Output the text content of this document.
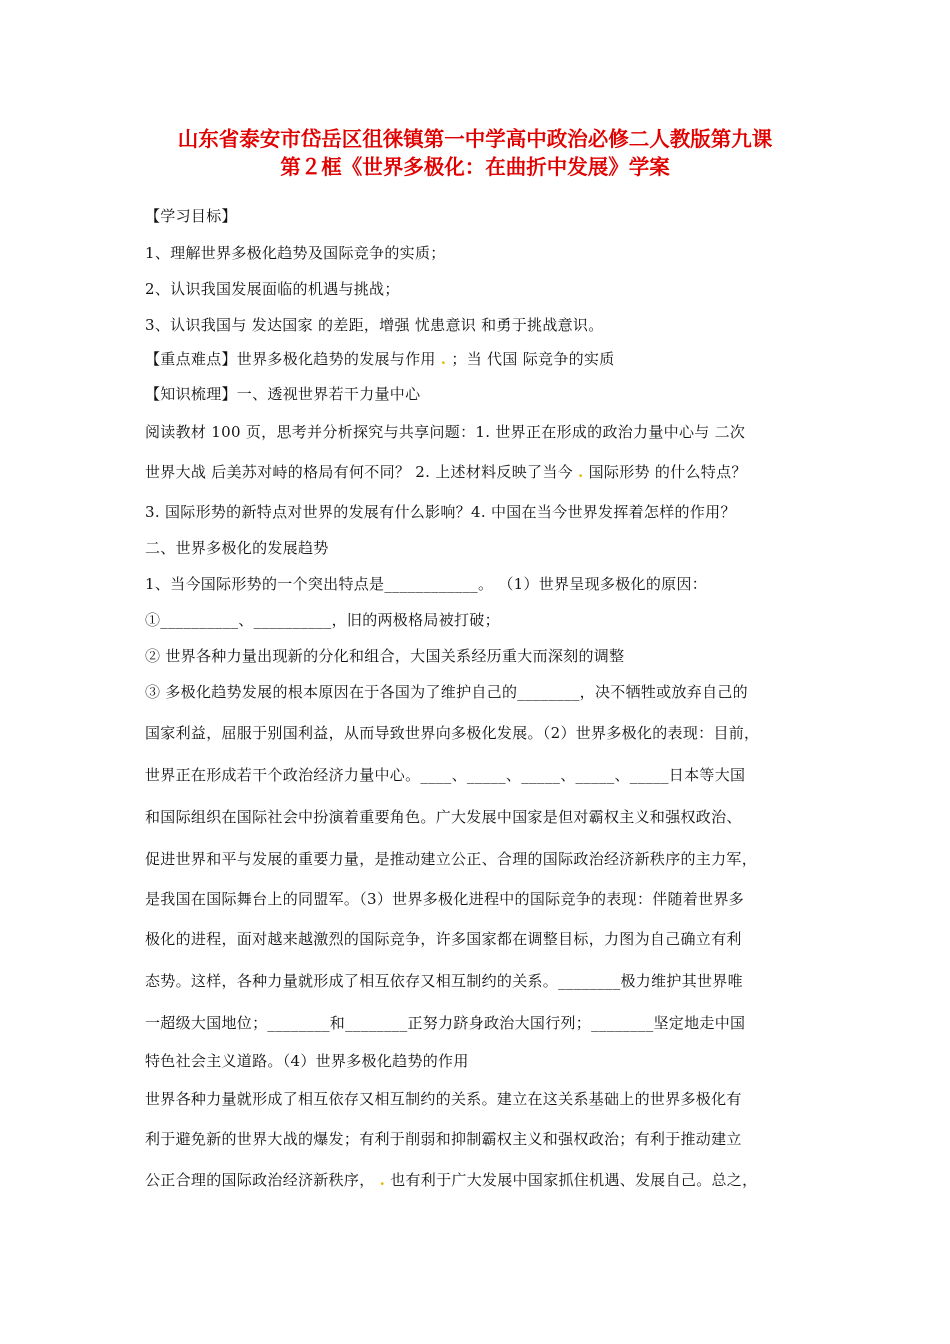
山东省泰安市岱岳区徂徕镇第一中学高中政治必修二人教版第九课
第２框《世界多极化：在曲折中发展》学案
【学习目标】
1、理解世界多极化趋势及国际竞争的实质；
2、认识我国发展面临的机遇与挑战；
3、认识我国与 发达国家 的差距，增强 忧患意识 和勇于挑战意识。
【重点难点】世界多极化趋势的发展与作用 . ；当 代国 际竞争的实质
【知识梳理】一、透视世界若干力量中心
阅读教材 100 页，思考并分析探究与共享问题：1. 世界正在形成的政治力量中心与 二次
世界大战 后美苏对峙的格局有何不同？ 2. 上述材料反映了当今 . 国际形势 的什么特点？
3. 国际形势的新特点对世界的发展有什么影响？4. 中国在当今世界发挥着怎样的作用？
二、世界多极化的发展趋势
1、当今国际形势的一个突出特点是____________。 （1）世界呈现多极化的原因：
①__________、__________，旧的两极格局被打破；
② 世界各种力量出现新的分化和组合，大国关系经历重大而深刻的调整
③ 多极化趋势发展的根本原因在于各国为了维护自己的________，决不牺牲或放弃自己的
国家利益，屈服于别国利益，从而导致世界向多极化发展。（2）世界多极化的表现：目前，
世界正在形成若干个政治经济力量中心。____、_____、_____、_____、_____日本等大国
和国际组织在国际社会中扮演着重要角色。广大发展中国家是但对霸权主义和强权政治、
促进世界和平与发展的重要力量，是推动建立公正、合理的国际政治经济新秩序的主力军，
是我国在国际舞台上的同盟军。（3）世界多极化进程中的国际竞争的表现：伴随着世界多
极化的进程，面对越来越激烈的国际竞争，许多国家都在调整目标，力图为自己确立有利
态势。这样，各种力量就形成了相互依存又相互制约的关系。________极力维护其世界唯
一超级大国地位；________和________正努力跻身政治大国行列；________坚定地走中国
特色社会主义道路。（4）世界多极化趋势的作用
世界各种力量就形成了相互依存又相互制约的关系。建立在这关系基础上的世界多极化有
利于避免新的世界大战的爆发；有利于削弱和抑制霸权主义和强权政治；有利于推动建立
公正合理的国际政治经济新秩序， . 也有利于广大发展中国家抓住机遇、发展自己。总之，
